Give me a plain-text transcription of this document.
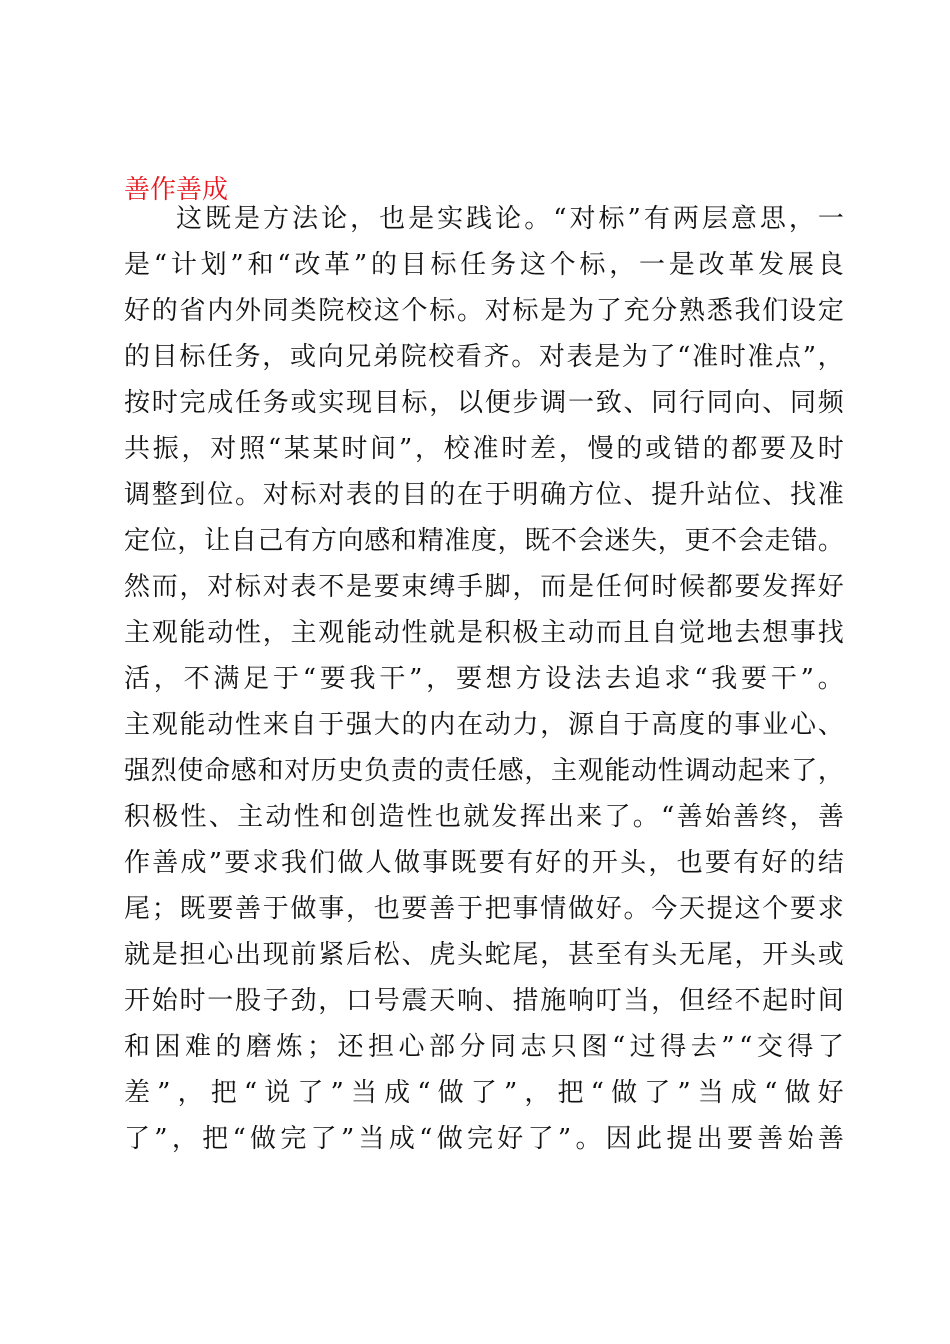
善作善成
这 既 是 方 法 论 ， 也 是 实 践 论 。 “ 对 标 ” 有 两 层 意 思 ， 一
是 “ 计 划 ” 和 “ 改 革 ” 的 目 标 任 务 这 个 标 ， 一 是 改 革 发 展 良
好 的 省 内 外 同 类 院 校 这 个 标 。 对 标 是 为 了 充 分 熟 悉 我 们 设 定
的 目 标 任 务 ， 或 向 兄 弟 院 校 看 齐 。 对 表 是 为 了 “ 准 时 准 点 ” ，
按 时 完 成 任 务 或 实 现 目 标 ， 以 便 步 调 一 致 、 同 行 同 向 、 同 频
共 振 ， 对 照 “ 某 某 时 间 ” ， 校 准 时 差 ， 慢 的 或 错 的 都 要 及 时
调 整 到 位 。 对 标 对 表 的 目 的 在 于 明 确 方 位 、 提 升 站 位 、 找 准
定 位 ， 让 自 己 有 方 向 感 和 精 准 度 ， 既 不 会 迷 失 ， 更 不 会 走 错 。
然 而 ， 对 标 对 表 不 是 要 束 缚 手 脚 ， 而 是 任 何 时 候 都 要 发 挥 好
主 观 能 动 性 ， 主 观 能 动 性 就 是 积 极 主 动 而 且 自 觉 地 去 想 事 找
活 ， 不 满 足 于 “ 要 我 干 ” ， 要 想 方 设 法 去 追 求 “ 我 要 干 ” 。
主 观 能 动 性 来 自 于 强 大 的 内 在 动 力 ， 源 自 于 高 度 的 事 业 心 、
强 烈 使 命 感 和 对 历 史 负 责 的 责 任 感 ， 主 观 能 动 性 调 动 起 来 了 ，
积 极 性 、 主 动 性 和 创 造 性 也 就 发 挥 出 来 了 。 “ 善 始 善 终 ， 善
作 善 成 ” 要 求 我 们 做 人 做 事 既 要 有 好 的 开 头 ， 也 要 有 好 的 结
尾 ； 既 要 善 于 做 事 ， 也 要 善 于 把 事 情 做 好 。 今 天 提 这 个 要 求
就 是 担 心 出 现 前 紧 后 松 、 虎 头 蛇 尾 ， 甚 至 有 头 无 尾 ， 开 头 或
开 始 时 一 股 子 劲 ， 口 号 震 天 响 、 措 施 响 叮 当 ， 但 经 不 起 时 间
和 困 难 的 磨 炼 ； 还 担 心 部 分 同 志 只 图 “ 过 得 去 ” “ 交 得 了
差 ” ， 把 “ 说 了 ” 当 成 “ 做 了 ” ， 把 “ 做 了 ” 当 成 “ 做 好
了 ” ， 把 “ 做 完 了 ” 当 成 “ 做 完 好 了 ” 。 因 此 提 出 要 善 始 善
